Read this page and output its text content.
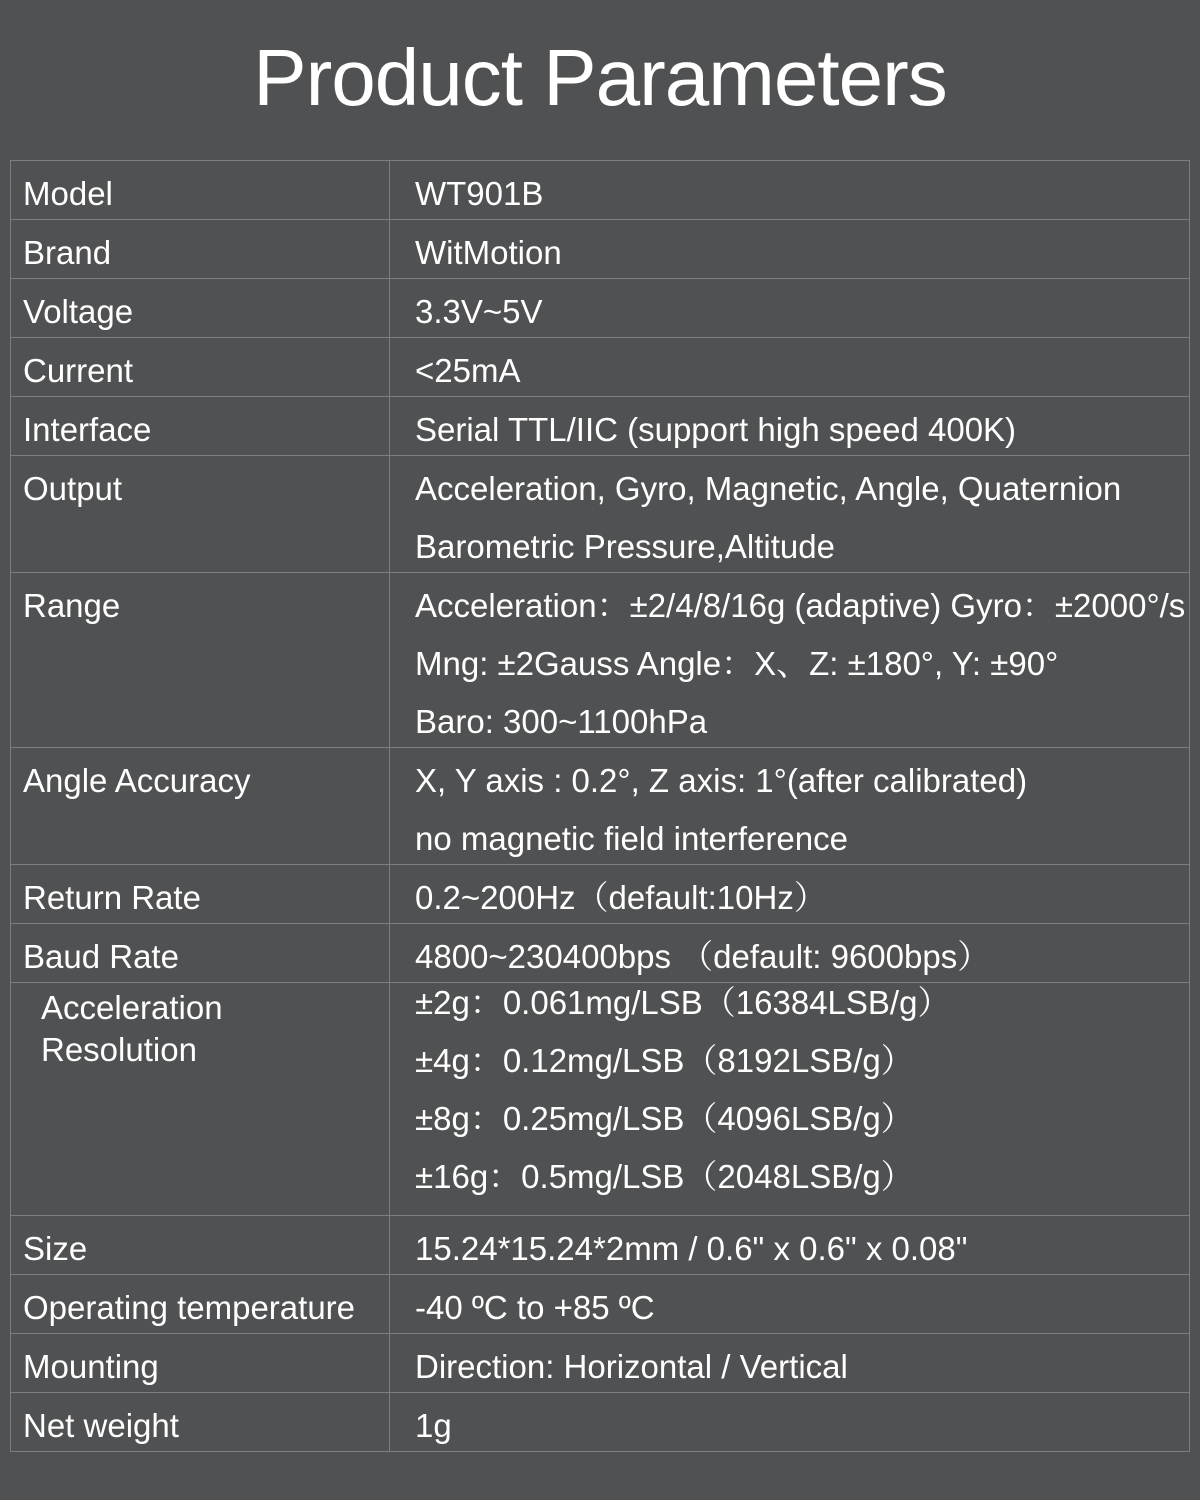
Product Parameters
Model	WT901B

Brand	WitMotion

Voltage	3.3V~5V

Current	<25mA

Interface	Serial TTL/IIC (support high speed 400K)

Output	Acceleration, Gyro, Magnetic, Angle, Quaternion
Barometric Pressure,Altitude

Range	Acceleration：±2/4/8/16g (adaptive) Gyro：±2000°/s
Mng: ±2Gauss Angle：X、Z: ±180°, Y: ±90°
Baro: 300~1100hPa

Angle Accuracy	X, Y axis : 0.2°, Z axis: 1°(after calibrated)
no magnetic field interference

Return Rate	0.2~200Hz（default:10Hz）

Baud Rate	4800~230400bps （default: 9600bps）

Acceleration
Resolution	±2g：0.061mg/LSB（16384LSB/g）
±4g：0.12mg/LSB（8192LSB/g）
±8g：0.25mg/LSB（4096LSB/g）
±16g：0.5mg/LSB（2048LSB/g）

Size	15.24*15.24*2mm / 0.6" x 0.6" x 0.08"

Operating temperature	-40 ºC to +85 ºC

Mounting	Direction: Horizontal / Vertical

Net weight	1g
